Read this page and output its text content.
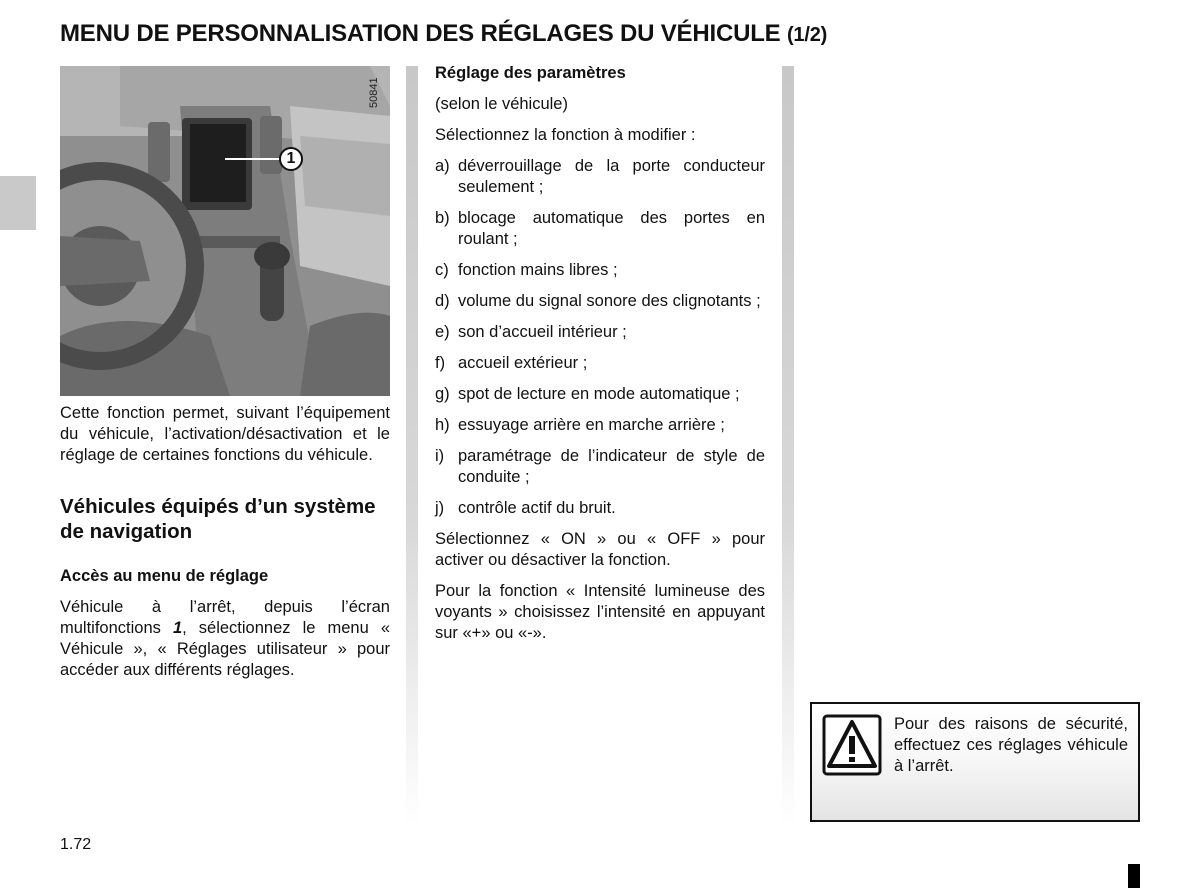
MENU DE PERSONNALISATION DES RÉGLAGES DU VÉHICULE (1/2)
50841
1

Cette fonction permet, suivant l’équipement du véhicule, l’activation/désactivation et le réglage de certaines fonctions du véhicule.

Véhicules équipés d’un système de navigation
Accès au menu de réglage

Véhicule à l’arrêt, depuis l’écran multifonctions 1, sélectionnez le menu « Véhicule », « Réglages utilisateur » pour accéder aux différents réglages.

Réglage des paramètres

(selon le véhicule)

Sélectionnez la fonction à modifier :

a) déverrouillage de la porte conducteur seulement ;
b) blocage automatique des portes en roulant ;
c) fonction mains libres ;
d) volume du signal sonore des clignotants ;
e) son d’accueil intérieur ;
f) accueil extérieur ;
g) spot de lecture en mode automatique ;
h) essuyage arrière en marche arrière ;
i) paramétrage de l’indicateur de style de conduite ;
j) contrôle actif du bruit.

Sélectionnez « ON » ou « OFF » pour activer ou désactiver la fonction.

Pour la fonction « Intensité lumineuse des voyants » choisissez l’intensité en appuyant sur «+» ou «-».

Pour des raisons de sécurité, effectuez ces réglages véhicule à l’arrêt.
1.72
